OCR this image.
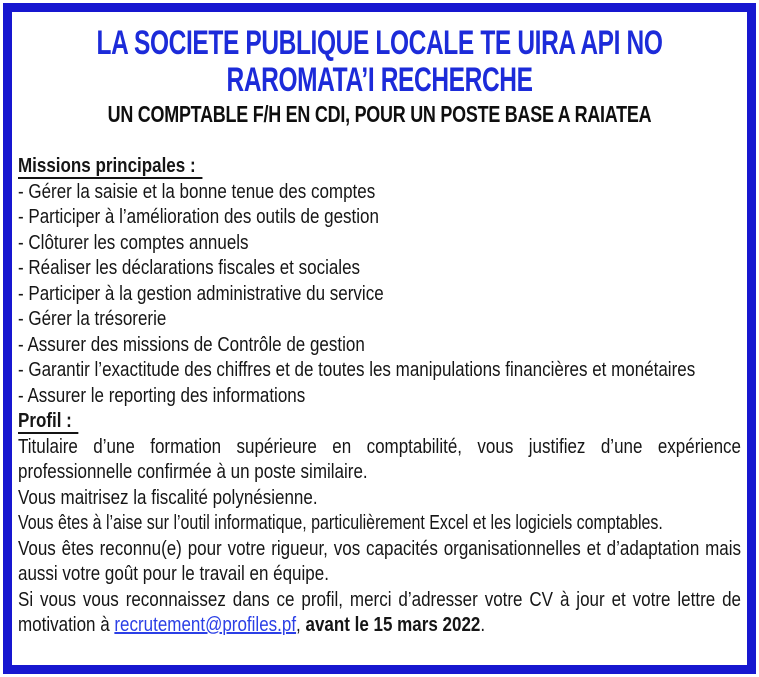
LA SOCIETE PUBLIQUE LOCALE TE UIRA API NO
RAROMATA’I RECHERCHE
UN COMPTABLE F/H EN CDI, POUR UN POSTE BASE A RAIATEA

Missions principales :

- Gérer la saisie et la bonne tenue des comptes
- Participer à l’amélioration des outils de gestion
- Clôturer les comptes annuels
- Réaliser les déclarations fiscales et sociales
- Participer à la gestion administrative du service
- Gérer la trésorerie
- Assurer des missions de Contrôle de gestion
- Garantir l’exactitude des chiffres et de toutes les manipulations financières et monétaires
- Assurer le reporting des informations

Profil :

Titulaire d’une formation supérieure en comptabilité, vous justifiez d’une expérience professionnelle confirmée à un poste similaire.

Vous maitrisez la fiscalité polynésienne.

Vous êtes à l’aise sur l’outil informatique, particulièrement Excel et les logiciels comptables.

Vous êtes reconnu(e) pour votre rigueur, vos capacités organisationnelles et d’adaptation mais aussi votre goût pour le travail en équipe.

Si vous vous reconnaissez dans ce profil, merci d’adresser votre CV à jour et votre lettre de motivation à recrutement@profiles.pf, avant le 15 mars 2022.
